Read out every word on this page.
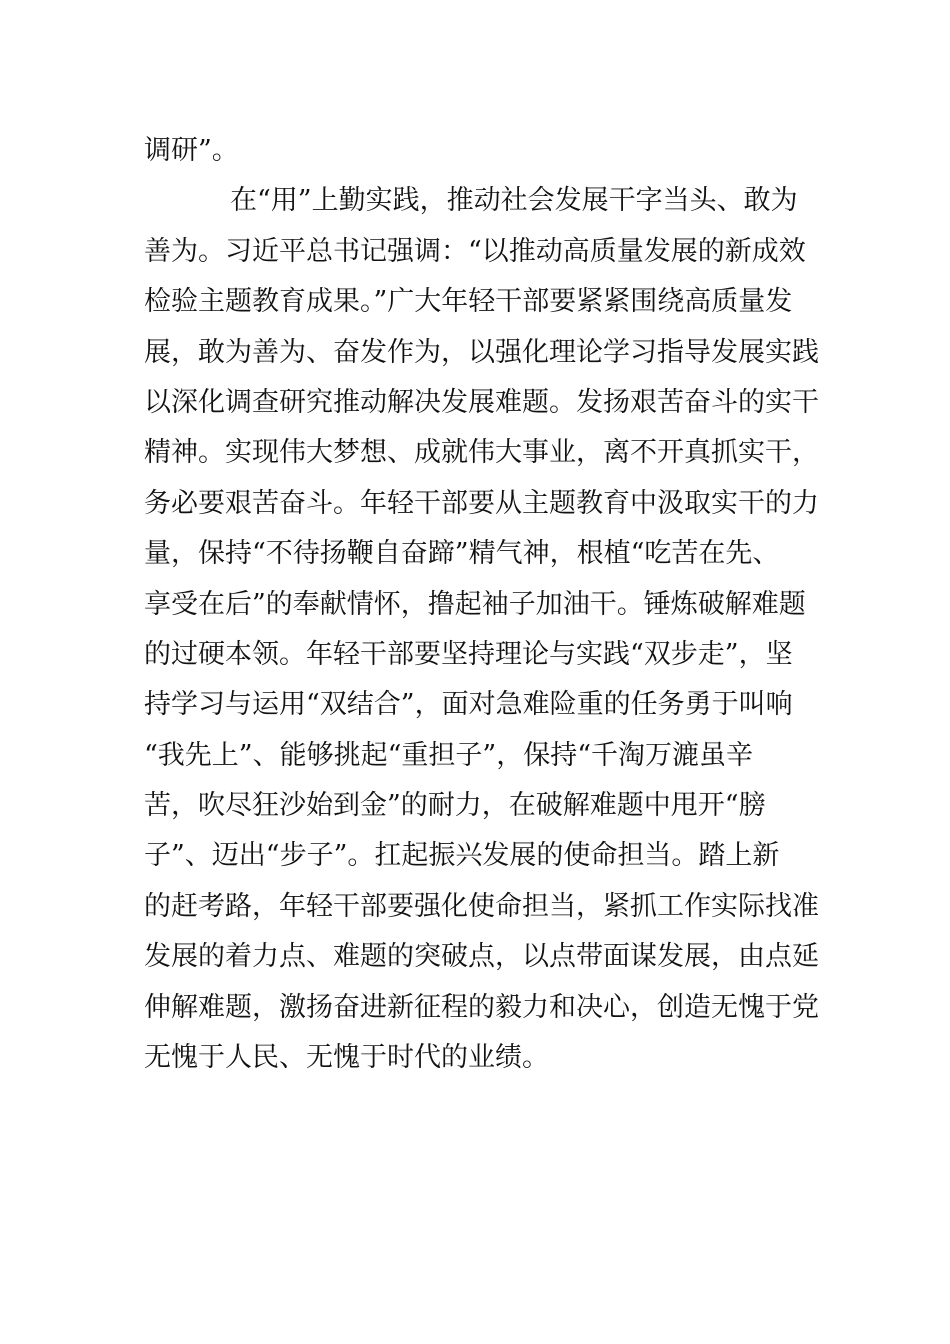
调研”。
在“用”上勤实践，推动社会发展干字当头、敢为
善为。习近平总书记强调：“以推动高质量发展的新成效
检验主题教育成果。”广大年轻干部要紧紧围绕高质量发
展，敢为善为、奋发作为，以强化理论学习指导发展实践
以深化调查研究推动解决发展难题。发扬艰苦奋斗的实干
精神。实现伟大梦想、成就伟大事业，离不开真抓实干，
务必要艰苦奋斗。年轻干部要从主题教育中汲取实干的力
量，保持“不待扬鞭自奋蹄”精气神，根植“吃苦在先、
享受在后”的奉献情怀，撸起袖子加油干。锤炼破解难题
的过硬本领。年轻干部要坚持理论与实践“双步走”，坚
持学习与运用“双结合”，面对急难险重的任务勇于叫响
“我先上”、能够挑起“重担子”，保持“千淘万漉虽辛
苦，吹尽狂沙始到金”的耐力，在破解难题中甩开“膀
子”、迈出“步子”。扛起振兴发展的使命担当。踏上新
的赶考路，年轻干部要强化使命担当，紧抓工作实际找准
发展的着力点、难题的突破点，以点带面谋发展，由点延
伸解难题，激扬奋进新征程的毅力和决心，创造无愧于党
无愧于人民、无愧于时代的业绩。
